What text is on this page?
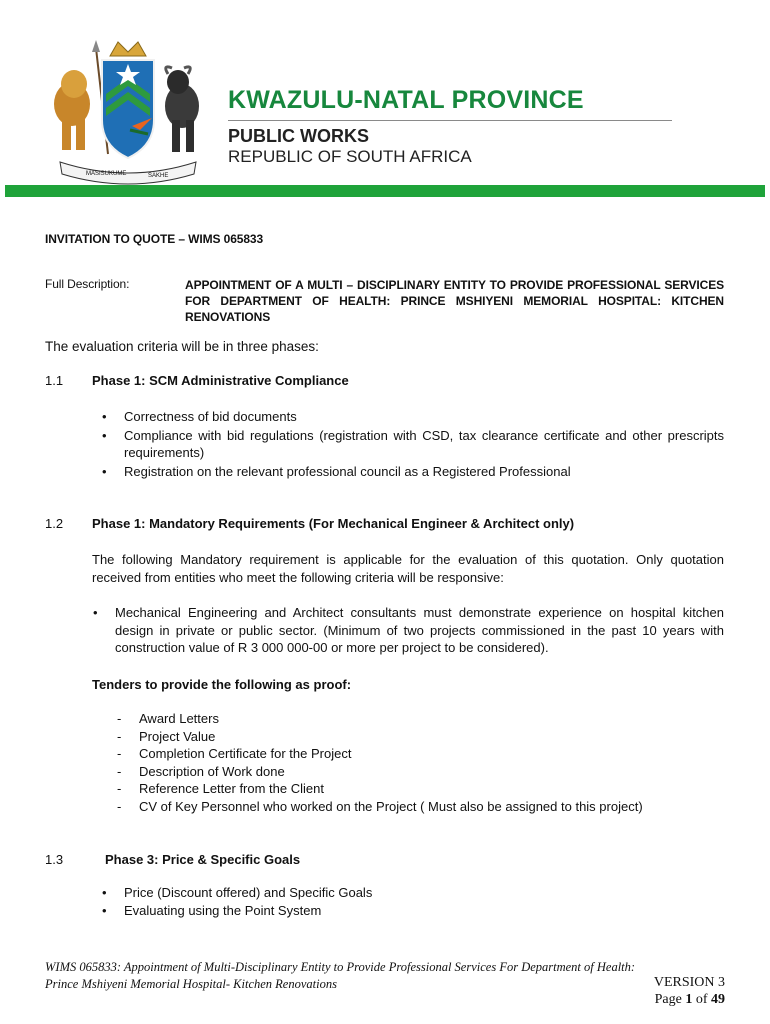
MASISUKUME	SAKHE
KWAZULU-NATAL PROVINCE
PUBLIC WORKS
REPUBLIC OF SOUTH AFRICA
INVITATION TO QUOTE – WIMS 065833
Full Description:	APPOINTMENT OF A MULTI – DISCIPLINARY ENTITY TO PROVIDE PROFESSIONAL SERVICES FOR DEPARTMENT OF HEALTH: PRINCE MSHIYENI MEMORIAL HOSPITAL: KITCHEN RENOVATIONS
The evaluation criteria will be in three phases:
1.1 Phase 1: SCM Administrative Compliance
• Correctness of bid documents
• Compliance with bid regulations (registration with CSD, tax clearance certificate and other prescripts requirements)
• Registration on the relevant professional council as a Registered Professional
1.2 Phase 1: Mandatory Requirements (For Mechanical Engineer & Architect only)
The following Mandatory requirement is applicable for the evaluation of this quotation. Only quotation received from entities who meet the following criteria will be responsive:
• Mechanical Engineering and Architect consultants must demonstrate experience on hospital kitchen design in private or public sector. (Minimum of two projects commissioned in the past 10 years with construction value of R 3 000 000-00 or more per project to be considered).
Tenders to provide the following as proof:
- Award Letters
- Project Value
- Completion Certificate for the Project
- Description of Work done
- Reference Letter from the Client
- CV of Key Personnel who worked on the Project ( Must also be assigned to this project)
1.3	Phase 3: Price & Specific Goals
• Price (Discount offered) and Specific Goals
• Evaluating using the Point System
WIMS 065833: Appointment of Multi-Disciplinary Entity to Provide Professional Services For Department of Health:
Prince Mshiyeni Memorial Hospital- Kitchen Renovations	VERSION 3
Page 1 of 49
